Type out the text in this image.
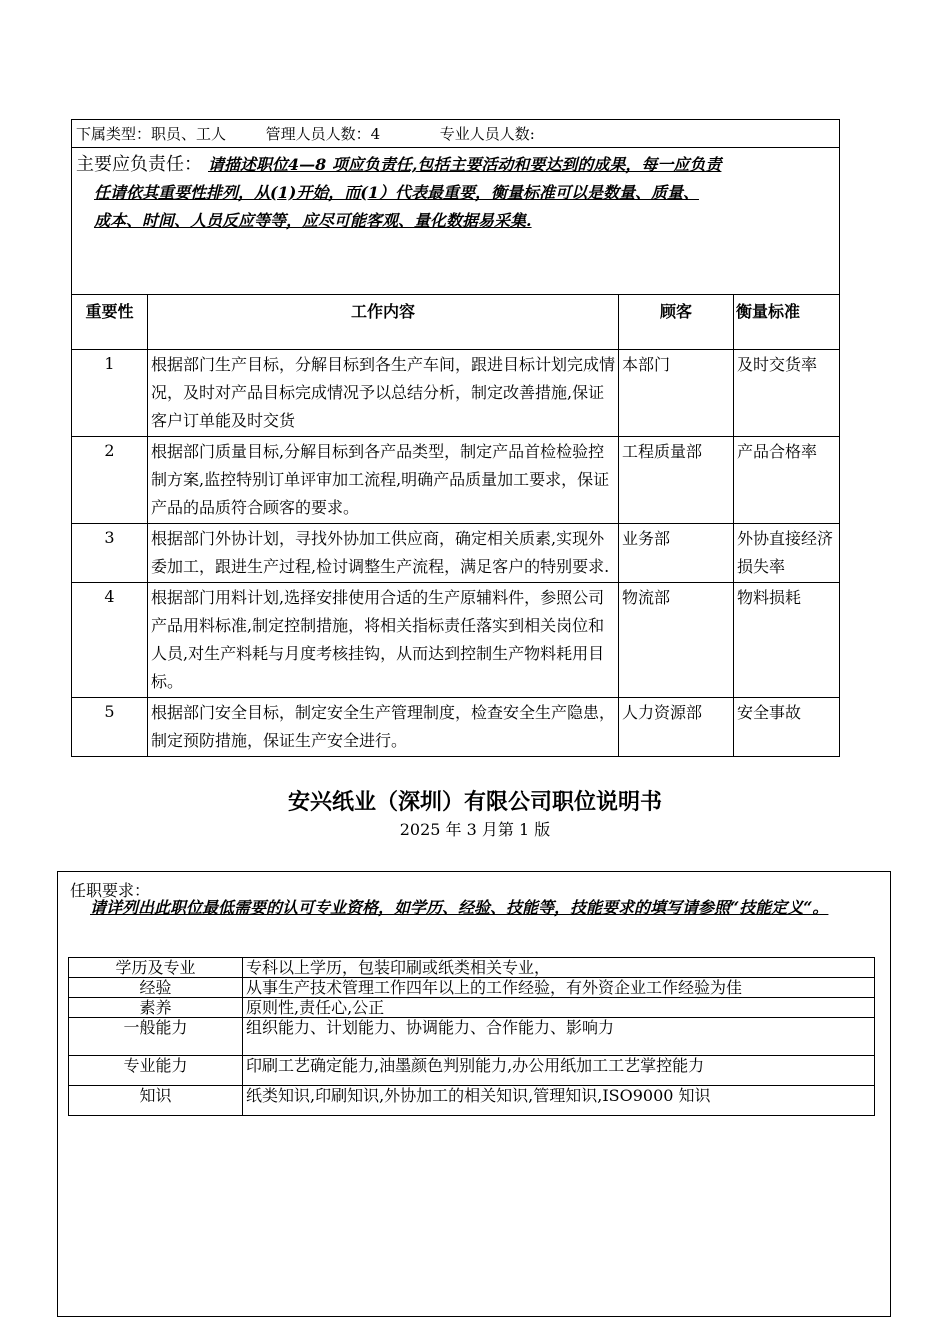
下属类型：职员、工人 管理人员人数：4 专业人员人数:			
主要应负责任： 请描述职位4—8 项应负责任,包括主要活动和要达到的成果，每一应负责

任请依其重要性排列，从(1)开始，而(1）代表最重要，衡量标准可以是数量、质量、
成本、时间、人员反应等等，应尽可能客观、量化数据易采集.			

重要性	工作内容	顾客	衡量标准
1	根据部门生产目标，分解目标到各生产车间，跟进目标计划完成情况，及时对产品目标完成情况予以总结分析，制定改善措施,保证客户订单能及时交货	本部门	及时交货率
2	根据部门质量目标,分解目标到各产品类型，制定产品首检检验控制方案,监控特别订单评审加工流程,明确产品质量加工要求，保证产品的品质符合顾客的要求。	工程质量部	产品合格率
3	根据部门外协计划，寻找外协加工供应商，确定相关质素,实现外委加工，跟进生产过程,检讨调整生产流程，满足客户的特别要求.	业务部	外协直接经济损失率
4	根据部门用料计划,选择安排使用合适的生产原辅料件，参照公司产品用料标准,制定控制措施，将相关指标责任落实到相关岗位和人员,对生产料耗与月度考核挂钩，从而达到控制生产物料耗用目标。	物流部	物料损耗
5	根据部门安全目标，制定安全生产管理制度，检查安全生产隐患，制定预防措施，保证生产安全进行。	人力资源部	安全事故
安兴纸业（深圳）有限公司职位说明书
2025 年 3 月第 1 版
任职要求：
请详列出此职位最低需要的认可专业资格，如学历、经验、技能等，技能要求的填写请参照“技能定义“。
学历及专业	专科以上学历，包装印刷或纸类相关专业，
经验	从事生产技术管理工作四年以上的工作经验，有外资企业工作经验为佳
素养	原则性,责任心,公正
一般能力	组织能力、计划能力、协调能力、合作能力、影响力
专业能力	印刷工艺确定能力,油墨颜色判别能力,办公用纸加工工艺掌控能力
知识	纸类知识,印刷知识,外协加工的相关知识,管理知识,ISO9000 知识
